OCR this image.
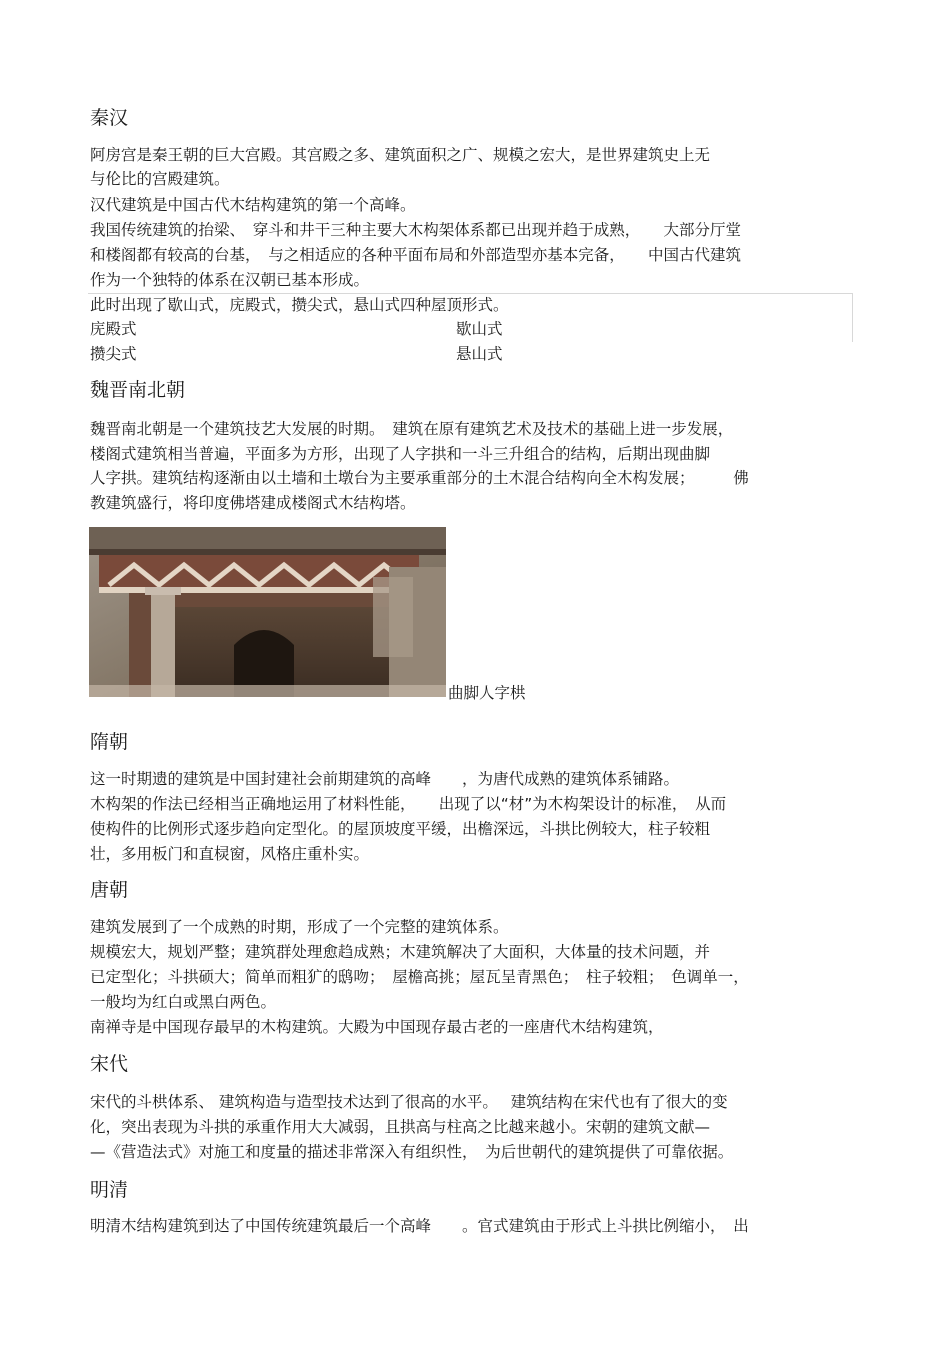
秦汉
阿房宫是秦王朝的巨大宫殿。其宫殿之多、建筑面积之广、规模之宏大，是世界建筑史上无
与伦比的宫殿建筑。
汉代建筑是中国古代木结构建筑的第一个高峰。
我国传统建筑的抬梁、　穿斗和井干三种主要大木构架体系都已出现并趋于成熟，　　大部分厅堂
和楼阁都有较高的台基，　与之相适应的各种平面布局和外部造型亦基本完备，　　中国古代建筑
作为一个独特的体系在汉朝已基本形成。
此时出现了歇山式，庑殿式，攒尖式，悬山式四种屋顶形式。
庑殿式	歇山式
攒尖式	悬山式
魏晋南北朝
魏晋南北朝是一个建筑技艺大发展的时期。　建筑在原有建筑艺术及技术的基础上进一步发展，
楼阁式建筑相当普遍，平面多为方形，出现了人字拱和一斗三升组合的结构，后期出现曲脚
人字拱。建筑结构逐渐由以土墙和土墩台为主要承重部分的土木混合结构向全木构发展；　　　佛
教建筑盛行，将印度佛塔建成楼阁式木结构塔。
曲脚人字栱
隋朝
这一时期遗的建筑是中国封建社会前期建筑的高峰　　，为唐代成熟的建筑体系铺路。
木构架的作法已经相当正确地运用了材料性能，　　出现了以“材”为木构架设计的标准，　从而
使构件的比例形式逐步趋向定型化。的屋顶坡度平缓，出檐深远，斗拱比例较大，柱子较粗
壮，多用板门和直棂窗，风格庄重朴实。
唐朝
建筑发展到了一个成熟的时期，形成了一个完整的建筑体系。
规模宏大，规划严整；建筑群处理愈趋成熟；木建筑解决了大面积，大体量的技术问题，并
已定型化；斗拱硕大；简单而粗犷的鸱吻；　屋檐高挑；屋瓦呈青黑色；　柱子较粗；　色调单一，
一般均为红白或黑白两色。
南禅寺是中国现存最早的木构建筑。大殿为中国现存最古老的一座唐代木结构建筑，
宋代
宋代的斗栱体系、 建筑构造与造型技术达到了很高的水平。　 建筑结构在宋代也有了很大的变
化，突出表现为斗拱的承重作用大大减弱，且拱高与柱高之比越来越小。宋朝的建筑文献—
—《营造法式》对施工和度量的描述非常深入有组织性，　为后世朝代的建筑提供了可靠依据。
明清
明清木结构建筑到达了中国传统建筑最后一个高峰　　。官式建筑由于形式上斗拱比例缩小，　出
